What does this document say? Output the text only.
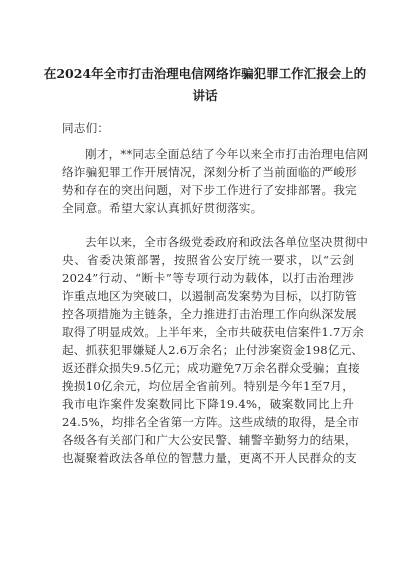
在2024年全市打击治理电信网络诈骗犯罪工作汇报会上的
讲话
同志们：
刚才，**同志全面总结了今年以来全市打击治理电信网
络诈骗犯罪工作开展情况，深刻分析了当前面临的严峻形
势和存在的突出问题，对下步工作进行了安排部署。我完
全同意。希望大家认真抓好贯彻落实。
去年以来，全市各级党委政府和政法各单位坚决贯彻中
央、省委决策部署，按照省公安厅统一要求，以“云剑
2024”行动、“断卡”等专项行动为载体，以打击治理涉
诈重点地区为突破口，以遏制高发案势为目标，以打防管
控各项措施为主链条，全力推进打击治理工作向纵深发展
取得了明显成效。上半年来，全市共破获电信案件1.7万余
起、抓获犯罪嫌疑人2.6万余名；止付涉案资金198亿元、
返还群众损失9.5亿元；成功避免7万余名群众受骗；直接
挽损10亿余元，均位居全省前列。特别是今年1至7月，
我市电诈案件发案数同比下降19.4%，破案数同比上升
24.5%，均排名全省第一方阵。这些成绩的取得，是全市
各级各有关部门和广大公安民警、辅警辛勤努力的结果，
也凝聚着政法各单位的智慧力量，更离不开人民群众的支
